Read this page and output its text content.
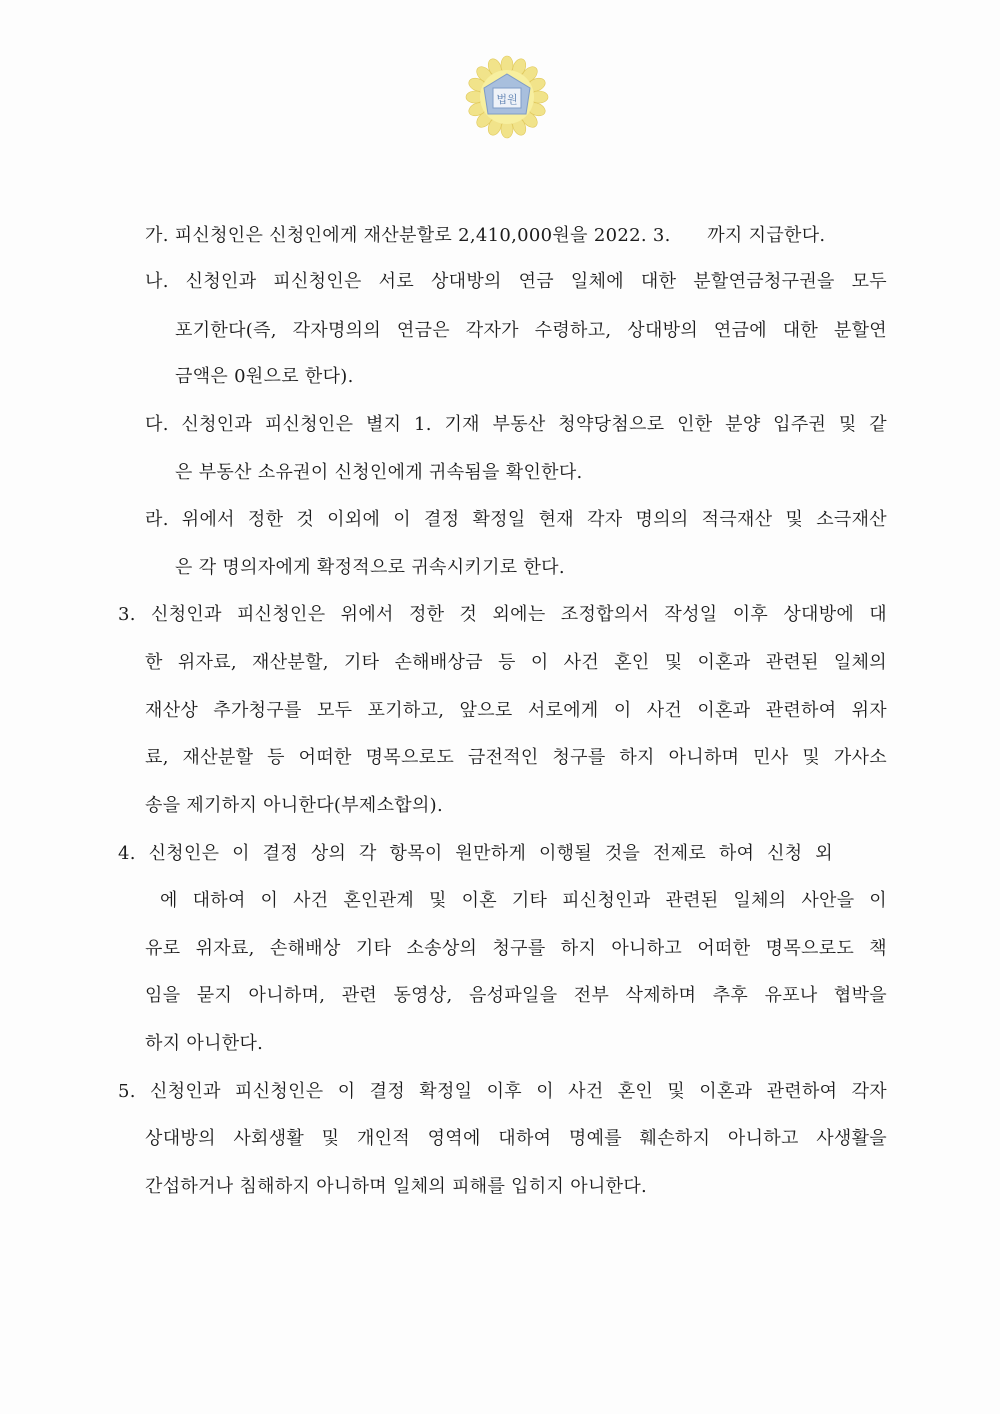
법원
가. 피신청인은 신청인에게 재산분할로 2,410,000원을 2022. 3.　　까지 지급한다.
나. 신청인과 피신청인은 서로 상대방의 연금 일체에 대한 분할연금청구권을 모두
포기한다(즉, 각자명의의 연금은 각자가 수령하고, 상대방의 연금에 대한 분할연
금액은 0원으로 한다).
다. 신청인과 피신청인은 별지 1. 기재 부동산 청약당첨으로 인한 분양 입주권 및 같
은 부동산 소유권이 신청인에게 귀속됨을 확인한다.
라. 위에서 정한 것 이외에 이 결정 확정일 현재 각자 명의의 적극재산 및 소극재산
은 각 명의자에게 확정적으로 귀속시키기로 한다.
3. 신청인과 피신청인은 위에서 정한 것 외에는 조정합의서 작성일 이후 상대방에 대
한 위자료, 재산분할, 기타 손해배상금 등 이 사건 혼인 및 이혼과 관련된 일체의
재산상 추가청구를 모두 포기하고, 앞으로 서로에게 이 사건 이혼과 관련하여 위자
료, 재산분할 등 어떠한 명목으로도 금전적인 청구를 하지 아니하며 민사 및 가사소
송을 제기하지 아니한다(부제소합의).
4. 신청인은 이 결정 상의 각 항목이 원만하게 이행될 것을 전제로 하여 신청 외
에 대하여 이 사건 혼인관계 및 이혼 기타 피신청인과 관련된 일체의 사안을 이
유로 위자료, 손해배상 기타 소송상의 청구를 하지 아니하고 어떠한 명목으로도 책
임을 묻지 아니하며, 관련 동영상, 음성파일을 전부 삭제하며 추후 유포나 협박을
하지 아니한다.
5. 신청인과 피신청인은 이 결정 확정일 이후 이 사건 혼인 및 이혼과 관련하여 각자
상대방의 사회생활 및 개인적 영역에 대하여 명예를 훼손하지 아니하고 사생활을
간섭하거나 침해하지 아니하며 일체의 피해를 입히지 아니한다.
